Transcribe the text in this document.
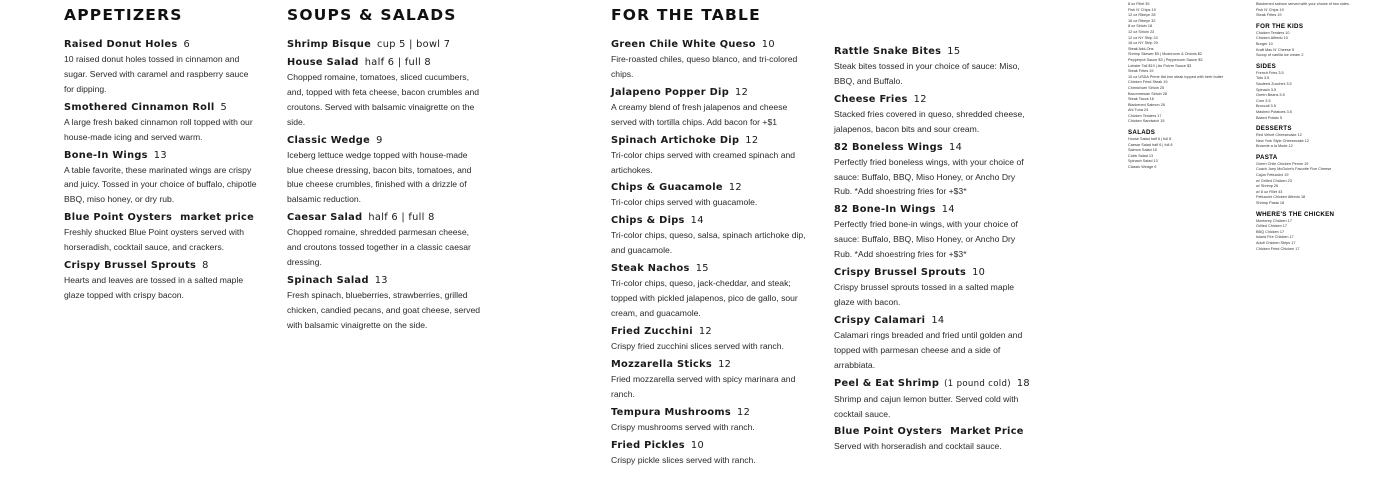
APPETIZERS
Raised Donut Holes 6
10 raised donut holes tossed in cinnamon and sugar. Served with caramel and raspberry sauce for dipping.
Smothered Cinnamon Roll 5
A large fresh baked cinnamon roll topped with our house-made icing and served warm.
Bone-In Wings 13
A table favorite, these marinated wings are crispy and juicy. Tossed in your choice of buffalo, chipotle BBQ, miso honey, or dry rub.
Blue Point Oysters market price
Freshly shucked Blue Point oysters served with horseradish, cocktail sauce, and crackers.
Crispy Brussel Sprouts 8
Hearts and leaves are tossed in a salted maple glaze topped with crispy bacon.
SOUPS & SALADS
Shrimp Bisque cup 5 | bowl 7
House Salad half 6 | full 8
Chopped romaine, tomatoes, sliced cucumbers, and, topped with feta cheese, bacon crumbles and croutons. Served with balsamic vinaigrette on the side.
Classic Wedge 9
Iceberg lettuce wedge topped with house-made blue cheese dressing, bacon bits, tomatoes, and blue cheese crumbles, finished with a drizzle of balsamic reduction.
Caesar Salad half 6 | full 8
Chopped romaine, shredded parmesan cheese, and croutons tossed together in a classic caesar dressing.
Spinach Salad 13
Fresh spinach, blueberries, strawberries, grilled chicken, candied pecans, and goat cheese, served with balsamic vinaigrette on the side.
FOR THE TABLE
Green Chile White Queso 10
Fire-roasted chiles, queso blanco, and tri-colored chips.
Jalapeno Popper Dip 12
A creamy blend of fresh jalapenos and cheese served with tortilla chips. Add bacon for +$1
Spinach Artichoke Dip 12
Tri-color chips served with creamed spinach and artichokes.
Chips & Guacamole 12
Tri-color chips served with guacamole.
Chips & Dips 14
Tri-color chips, queso, salsa, spinach artichoke dip, and guacamole.
Steak Nachos 15
Tri-color chips, queso, jack-cheddar, and steak; topped with pickled jalapenos, pico de gallo, sour cream, and guacamole.
Fried Zucchini 12
Crispy fried zucchini slices served with ranch.
Mozzarella Sticks 12
Fried mozzarella served with spicy marinara and ranch.
Tempura Mushrooms 12
Crispy mushrooms served with ranch.
Fried Pickles 10
Crispy pickle slices served with ranch.
Rattle Snake Bites 15
Steak bites tossed in your choice of sauce: Miso, BBQ, and Buffalo.
Cheese Fries 12
Stacked fries covered in queso, shredded cheese, jalapenos, bacon bits and sour cream.
82 Boneless Wings 14
Perfectly fried boneless wings, with your choice of sauce: Buffalo, BBQ, Miso Honey, or Ancho Dry Rub. *Add shoestring fries for +$3*
82 Bone-In Wings 14
Perfectly fried bone-in wings, with your choice of sauce: Buffalo, BBQ, Miso Honey, or Ancho Dry Rub. *Add shoestring fries for +$3*
Crispy Brussel Sprouts 10
Crispy brussel sprouts tossed in a salted maple glaze with bacon.
Crispy Calamari 14
Calamari rings breaded and fried until golden and topped with parmesan cheese and a side of arrabbiata.
Peel & Eat Shrimp (1 pound cold) 18
Shrimp and cajun lemon butter. Served cold with cocktail sauce.
Blue Point Oysters Market Price
Served with horseradish and cocktail sauce.
8 oz Fillet 39
Fish N' Chips 19
12 oz Ribeye 28
16 oz Ribeye 32
8 oz Sirloin 18
12 oz Sirloin 23
12 oz NY Strip 24
16 oz NY Strip 29
Steak Add-Ons
Shrimp Skewer $9 | Mushroom & Onions $2
Pepperpot Sauce $3 | Peppercorn Sauce $3
Lobster Tail $19 | Au Poivre Sauce $3
Steak Frites 19
10 oz USDA Prime flat iron steak topped with herb butter
Chicken Fried Steak 19
Chimichurri Sirloin 25
Baconmesan Sirloin 28
Steak Tacos 16
Blackened Salmon 26
Ahi Tuna 24
Chicken Tenders 17
Chicken Sandwich 15
SALADS
House Salad half 6 | full 8
Caesar Salad half 6 | full 8
Salmon Salad 15
Cobb Salad 13
Spinach Salad 13
Classic Wedge 9
Blackened salmon served with your choice of two sides
Fish N' Chips 19
Steak Frites 19
FOR THE KIDS
Chicken Tenders 10
Chicken Alfredo 10
Burger 10
Kraft Mac N' Cheese 5
Scoop of vanilla ice cream 2
SIDES
French Fries 3.5
Tots 3.5
Sauteed Zucchini 3.5
Spinach 3.5
Green Beans 3.5
Corn 3.5
Broccoli 3.5
Mashed Potatoes 3.5
Baked Potato 5
DESSERTS
Red Velvet Cheesecake 12
New York Style Cheesecake 12
Brownie a la Mode 12
PASTA
Green Chile Chicken Penne 19
Coach Joey McGuire's Favorite Five Cheese
Cajun Fettuccini 19
w/ Grilled Chicken 23
w/ Shrimp 26
w/ 8 oz Fillet 43
Fettuccini Chicken Alfredo 18
Shrimp Pasta 18
WHERE'S THE CHICKEN
Monterey Chicken 17
Grilled Chicken 17
BBQ Chicken 17
Island Fire Chicken 17
Adult Chicken Strips 17
Chicken Fried Chicken 17
